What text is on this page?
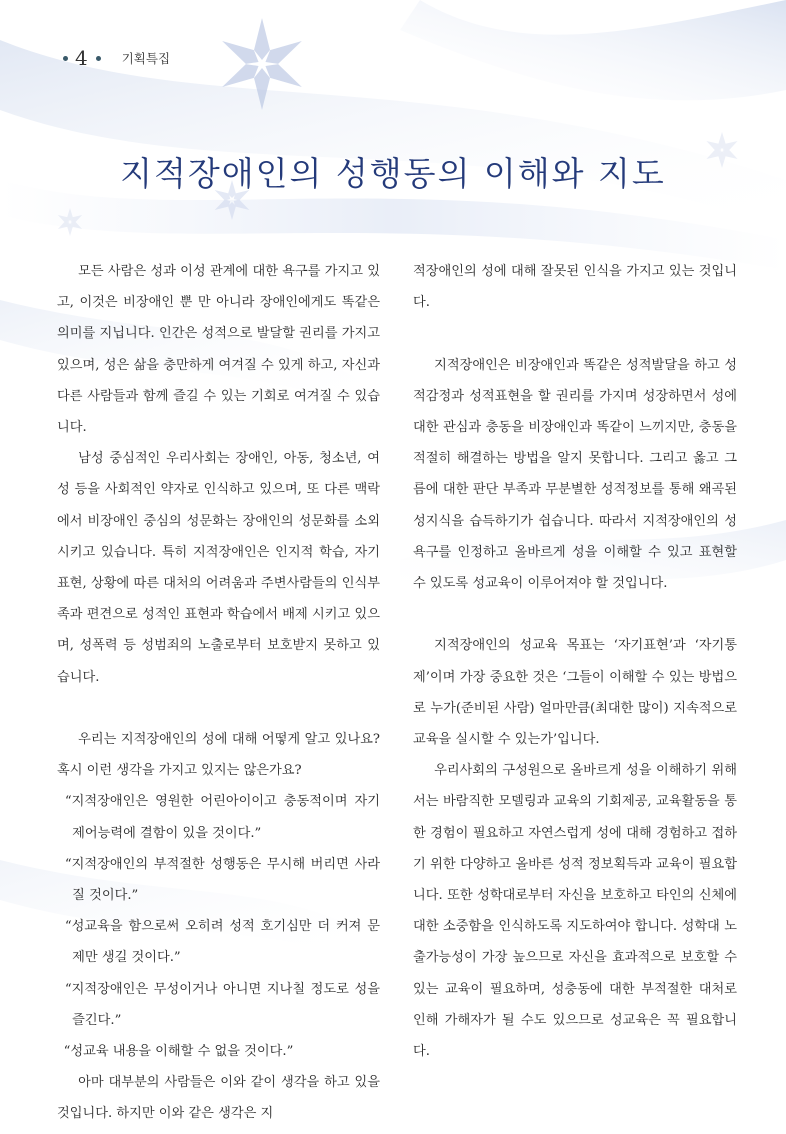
4	기획특집
지적장애인의 성행동의 이해와 지도

모든 사람은 성과 이성 관계에 대한 욕구를 가지고 있고, 이것은 비장애인 뿐 만 아니라 장애인에게도 똑같은 의미를 지닙니다. 인간은 성적으로 발달할 권리를 가지고 있으며, 성은 삶을 충만하게 여겨질 수 있게 하고, 자신과 다른 사람들과 함께 즐길 수 있는 기회로 여겨질 수 있습니다.

남성 중심적인 우리사회는 장애인, 아동, 청소년, 여성 등을 사회적인 약자로 인식하고 있으며, 또 다른 맥락에서 비장애인 중심의 성문화는 장애인의 성문화를 소외시키고 있습니다. 특히 지적장애인은 인지적 학습, 자기표현, 상황에 따른 대처의 어려움과 주변사람들의 인식부족과 편견으로 성적인 표현과 학습에서 배제 시키고 있으며, 성폭력 등 성범죄의 노출로부터 보호받지 못하고 있습니다.

우리는 지적장애인의 성에 대해 어떻게 알고 있나요? 혹시 이런 생각을 가지고 있지는 않은가요?

“지적장애인은 영원한 어린아이이고 충동적이며 자기제어능력에 결함이 있을 것이다.”

“지적장애인의 부적절한 성행동은 무시해 버리면 사라질 것이다.”

“성교육을 함으로써 오히려 성적 호기심만 더 커져 문제만 생길 것이다.”

“지적장애인은 무성이거나 아니면 지나칠 정도로 성을 즐긴다.”

“성교육 내용을 이해할 수 없을 것이다.”

아마 대부분의 사람들은 이와 같이 생각을 하고 있을 것입니다. 하지만 이와 같은 생각은 지

적장애인의 성에 대해 잘못된 인식을 가지고 있는 것입니다.

지적장애인은 비장애인과 똑같은 성적발달을 하고 성적감정과 성적표현을 할 권리를 가지며 성장하면서 성에 대한 관심과 충동을 비장애인과 똑같이 느끼지만, 충동을 적절히 해결하는 방법을 알지 못합니다. 그리고 옳고 그름에 대한 판단 부족과 무분별한 성적정보를 통해 왜곡된 성지식을 습득하기가 쉽습니다. 따라서 지적장애인의 성 욕구를 인정하고 올바르게 성을 이해할 수 있고 표현할 수 있도록 성교육이 이루어져야 할 것입니다.

지적장애인의 성교육 목표는 ‘자기표현’과 ‘자기통제’이며 가장 중요한 것은 ‘그들이 이해할 수 있는 방법으로 누가(준비된 사람) 얼마만큼(최대한 많이) 지속적으로 교육을 실시할 수 있는가’입니다.

우리사회의 구성원으로 올바르게 성을 이해하기 위해서는 바람직한 모델링과 교육의 기회제공, 교육활동을 통한 경험이 필요하고 자연스럽게 성에 대해 경험하고 접하기 위한 다양하고 올바른 성적 정보획득과 교육이 필요합니다. 또한 성학대로부터 자신을 보호하고 타인의 신체에 대한 소중함을 인식하도록 지도하여야 합니다. 성학대 노출가능성이 가장 높으므로 자신을 효과적으로 보호할 수 있는 교육이 필요하며, 성충동에 대한 부적절한 대처로 인해 가해자가 될 수도 있으므로 성교육은 꼭 필요합니다.
